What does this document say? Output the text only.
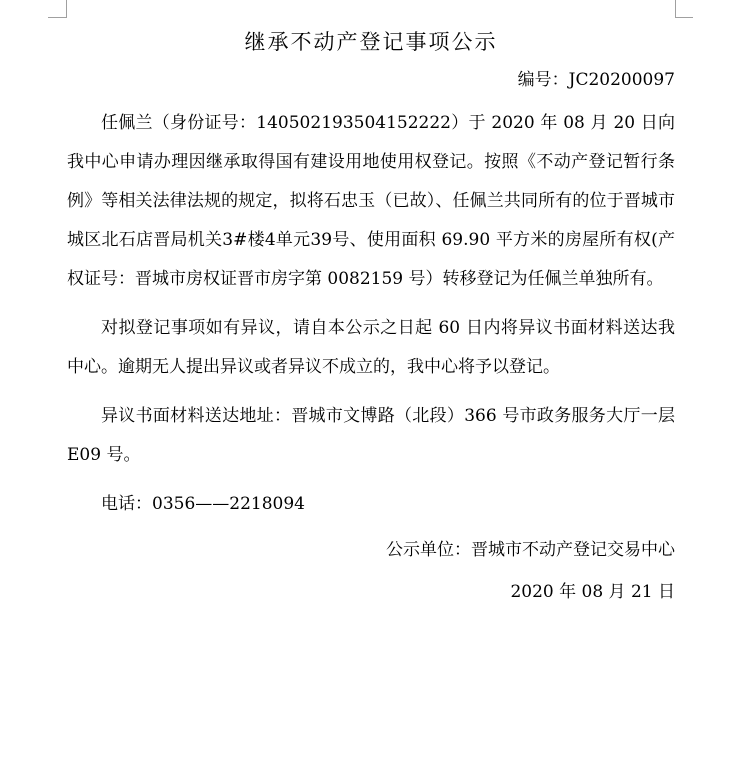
继承不动产登记事项公示
编号：JC20200097

任佩兰（身份证号：140502193504152222）于 2020 年 08 月 20 日向我中心申请办理因继承取得国有建设用地使用权登记。按照《不动产登记暂行条例》等相关法律法规的规定，拟将石忠玉（已故）、任佩兰共同所有的位于晋城市城区北石店晋局机关3#楼4单元39号、使用面积 69.90 平方米的房屋所有权(产权证号：晋城市房权证晋市房字第 0082159 号）转移登记为任佩兰单独所有。

对拟登记事项如有异议，请自本公示之日起 60 日内将异议书面材料送达我中心。逾期无人提出异议或者异议不成立的，我中心将予以登记。

异议书面材料送达地址：晋城市文博路（北段）366 号市政务服务大厅一层 E09 号。

电话：0356——2218094

公示单位：晋城市不动产登记交易中心
2020 年 08 月 21 日
